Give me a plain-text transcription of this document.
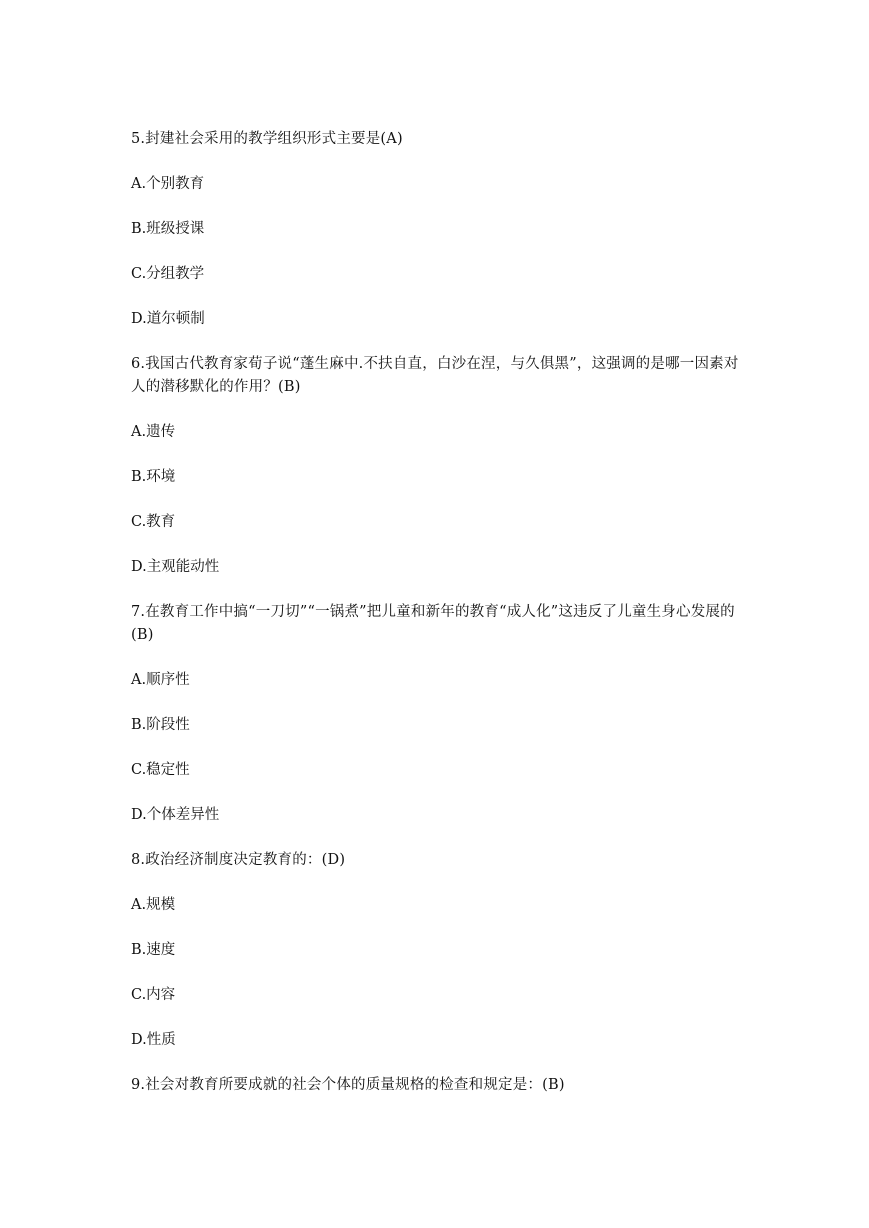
5.封建社会采用的教学组织形式主要是(A)

A.个别教育

B.班级授课

C.分组教学

D.道尔顿制

6.我国古代教育家荀子说“蓬生麻中.不扶自直，白沙在涅，与久俱黑”，这强调的是哪一因素对人的潜移默化的作用？(B)

A.遗传

B.环境

C.教育

D.主观能动性

7.在教育工作中搞“一刀切”“一锅煮”把儿童和新年的教育“成人化”这违反了儿童生身心发展的(B)

A.顺序性

B.阶段性

C.稳定性

D.个体差异性

8.政治经济制度决定教育的：(D)

A.规模

B.速度

C.内容

D.性质

9.社会对教育所要成就的社会个体的质量规格的检查和规定是：(B)
